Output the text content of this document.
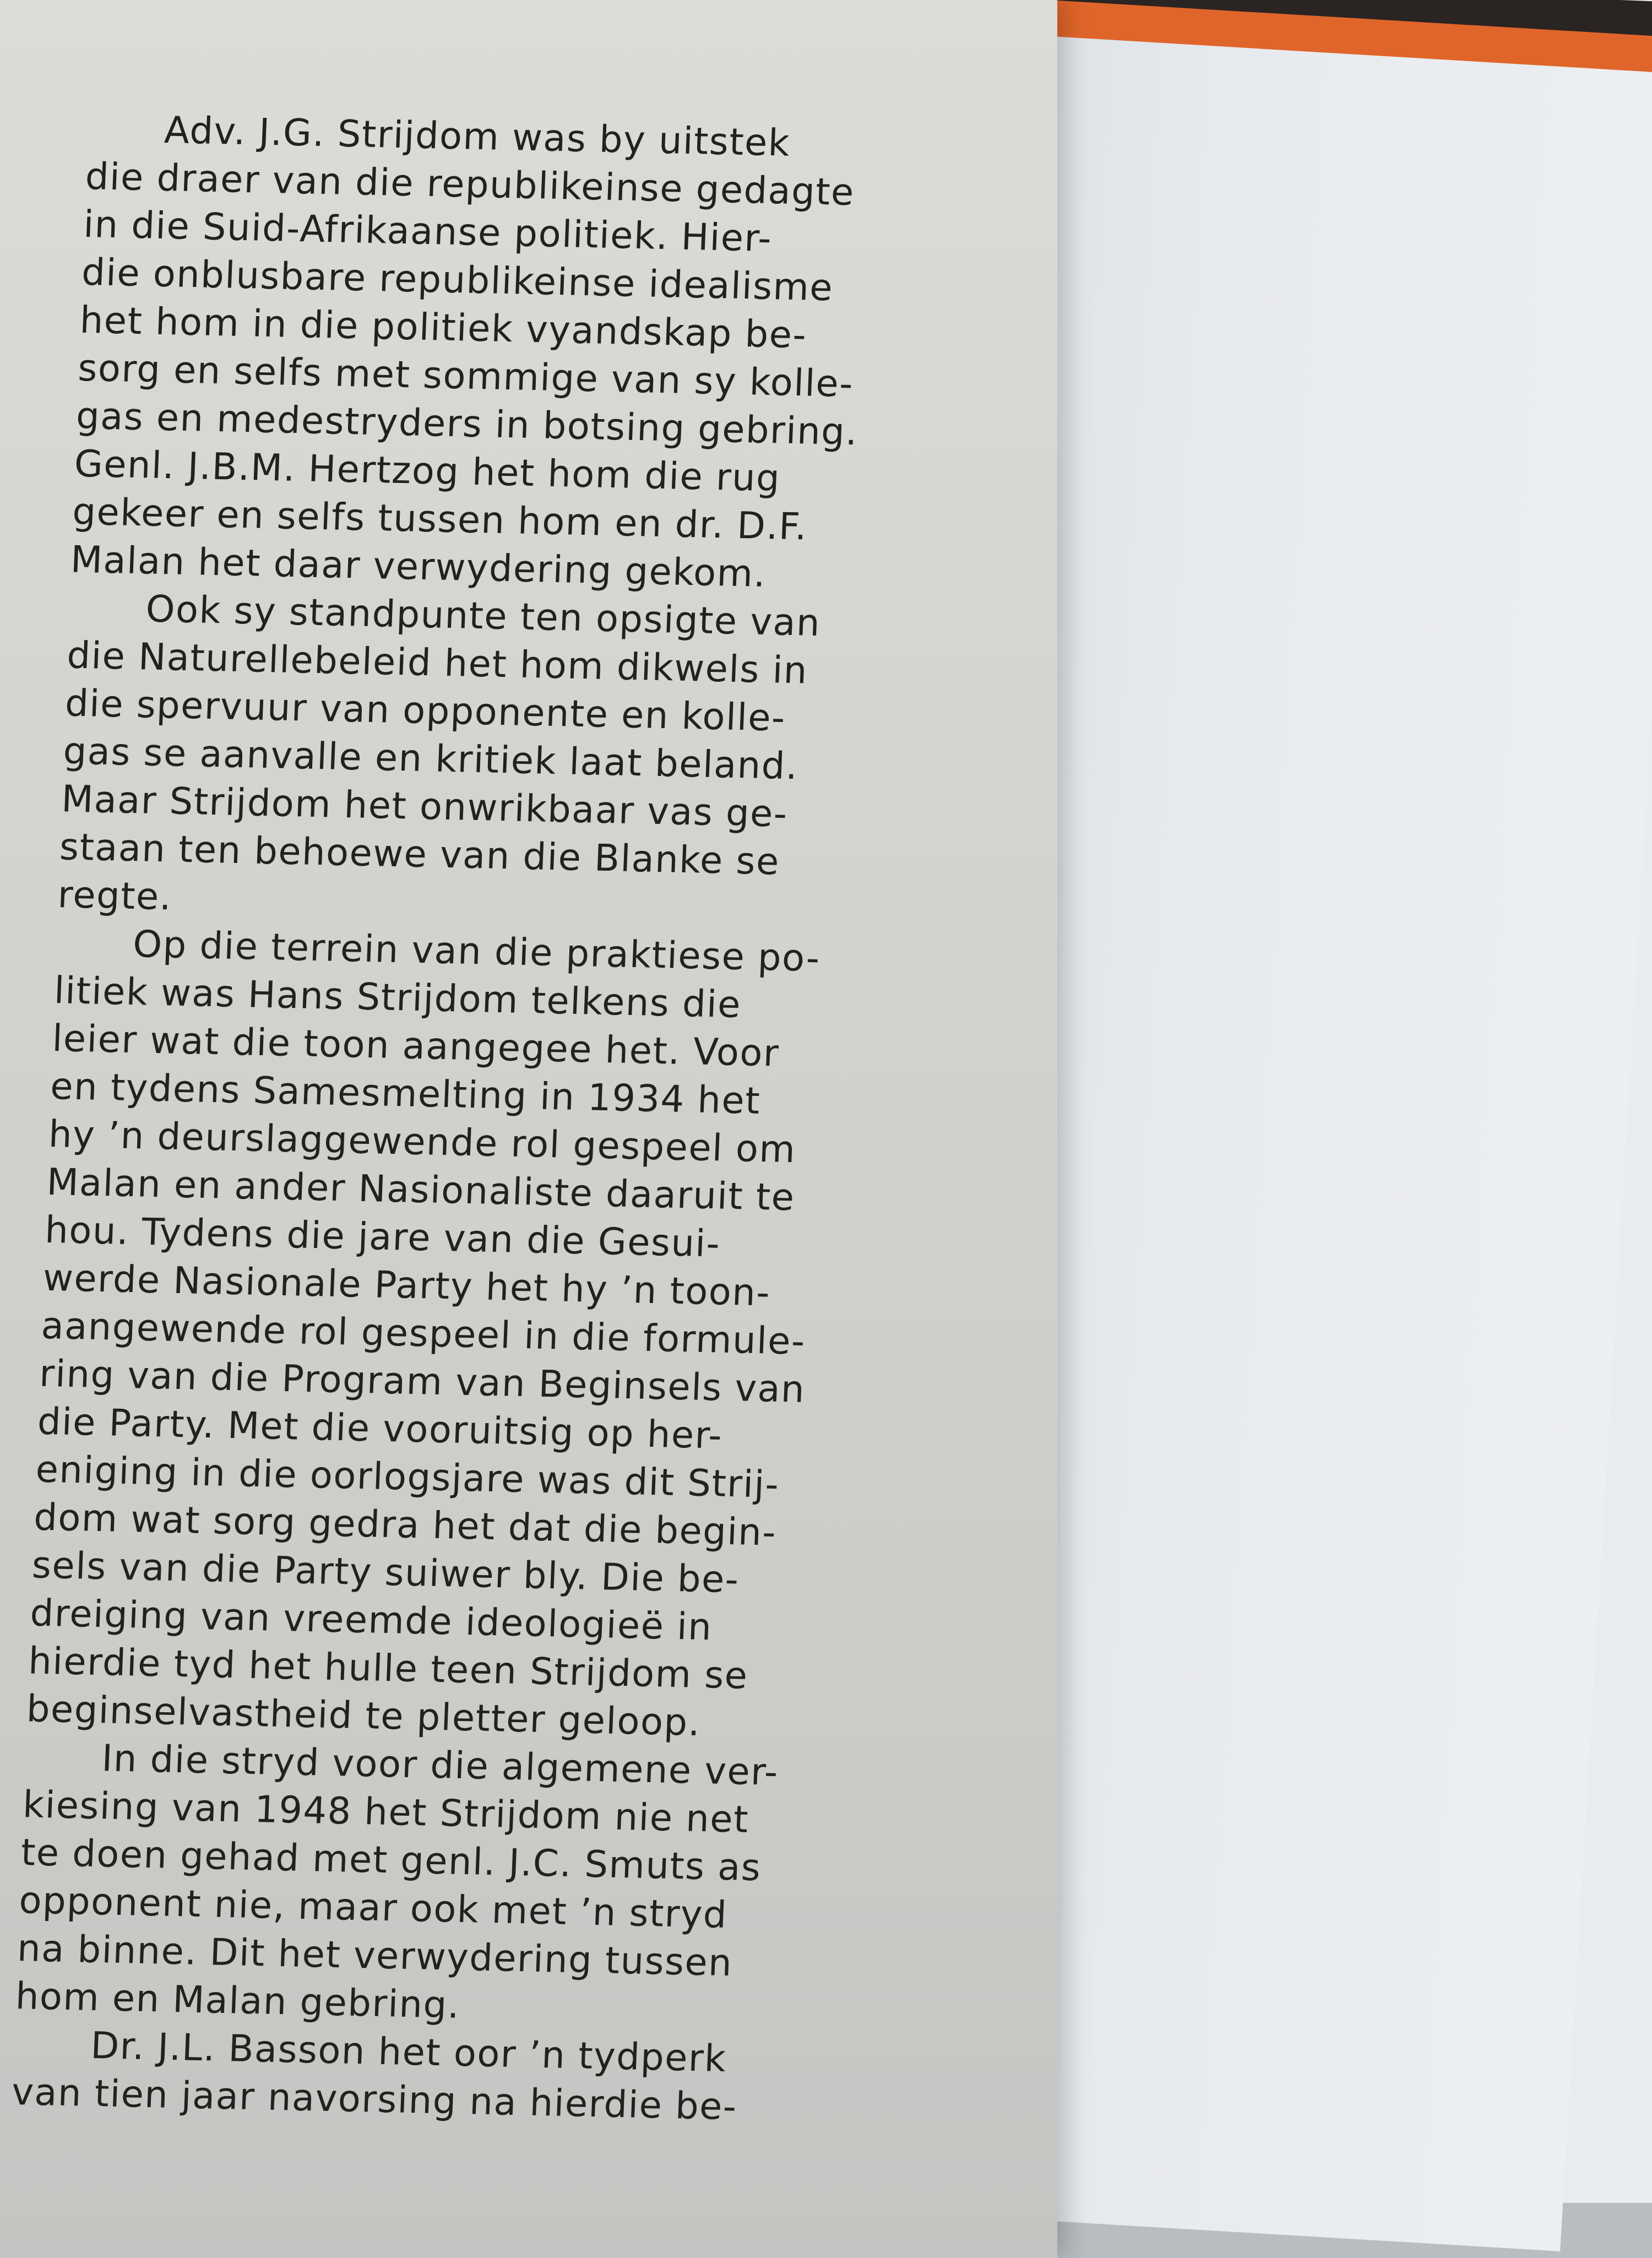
Adv. J.G. Strijdom was by uitstek
die draer van die republikeinse gedagte
in die Suid-Afrikaanse politiek. Hier-
die onblusbare republikeinse idealisme
het hom in die politiek vyandskap be-
sorg en selfs met sommige van sy kolle-
gas en medestryders in botsing gebring.
Genl. J.B.M. Hertzog het hom die rug
gekeer en selfs tussen hom en dr. D.F.
Malan het daar verwydering gekom.
Ook sy standpunte ten opsigte van
die Naturellebeleid het hom dikwels in
die spervuur van opponente en kolle-
gas se aanvalle en kritiek laat beland.
Maar Strijdom het onwrikbaar vas ge-
staan ten behoewe van die Blanke se
regte.
Op die terrein van die praktiese po-
litiek was Hans Strijdom telkens die
leier wat die toon aangegee het. Voor
en tydens Samesmelting in 1934 het
hy ’n deurslaggewende rol gespeel om
Malan en ander Nasionaliste daaruit te
hou. Tydens die jare van die Gesui-
werde Nasionale Party het hy ’n toon-
aangewende rol gespeel in die formule-
ring van die Program van Beginsels van
die Party. Met die vooruitsig op her-
eniging in die oorlogsjare was dit Strij-
dom wat sorg gedra het dat die begin-
sels van die Party suiwer bly. Die be-
dreiging van vreemde ideologieë in
hierdie tyd het hulle teen Strijdom se
beginselvastheid te pletter geloop.
In die stryd voor die algemene ver-
kiesing van 1948 het Strijdom nie net
te doen gehad met genl. J.C. Smuts as
opponent nie, maar ook met ’n stryd
na binne. Dit het verwydering tussen
hom en Malan gebring.
Dr. J.L. Basson het oor ’n tydperk
van tien jaar navorsing na hierdie be-
